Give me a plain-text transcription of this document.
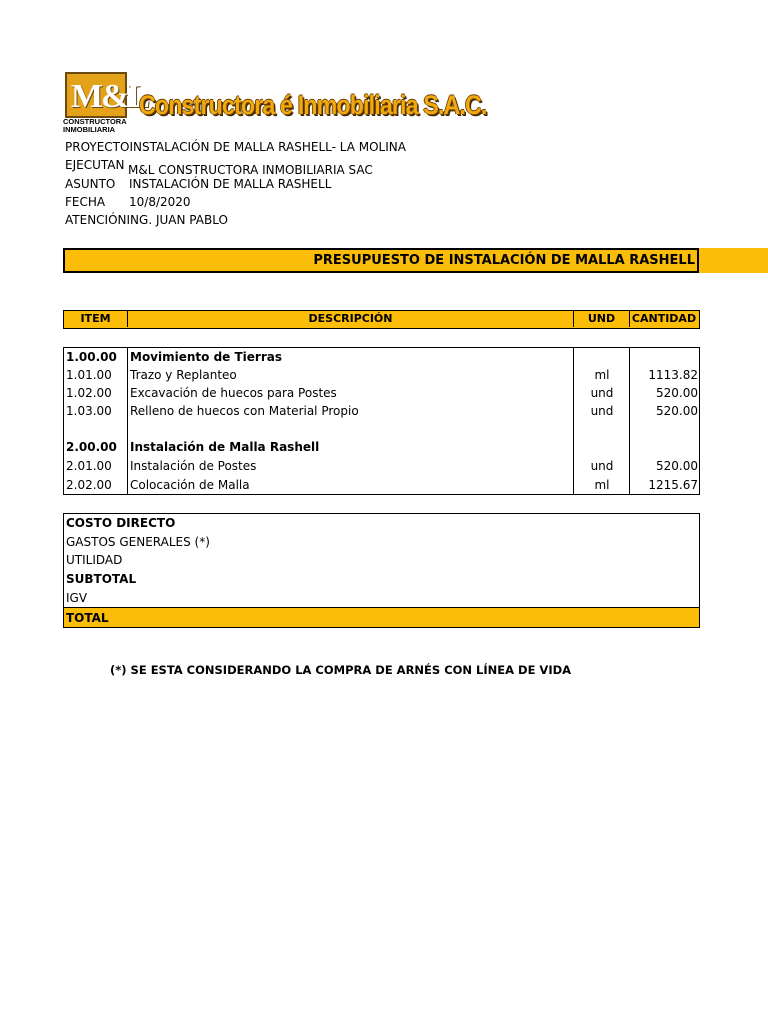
M&L
CONSTRUCTORA
INMOBILIARIA
Constructora é Inmobiliaria S.A.C.
PROYECTOINSTALACIÓN DE MALLA RASHELL- LA MOLINA
EJECUTAN M&L CONSTRUCTORA INMOBILIARIA SAC
ASUNTO INSTALACIÓN DE MALLA RASHELL
FECHA 10/8/2020
ATENCIÓNING. JUAN PABLO
PRESUPUESTO DE INSTALACIÓN DE MALLA RASHELL
ITEM	DESCRIPCIÓN	UND	CANTIDAD
1.00.00 Movimiento de Tierras
1.01.00 Trazo y Replanteo	ml	1113.82
1.02.00 Excavación de huecos para Postes	und	520.00
1.03.00 Relleno de huecos con Material Propio	und	520.00
2.00.00 Instalación de Malla Rashell
2.01.00 Instalación de Postes	und	520.00
2.02.00 Colocación de Malla	ml	1215.67
COSTO DIRECTO
GASTOS GENERALES (*)
UTILIDAD
SUBTOTAL
IGV
TOTAL
(*) SE ESTA CONSIDERANDO LA COMPRA DE ARNÉS CON LÍNEA DE VIDA
